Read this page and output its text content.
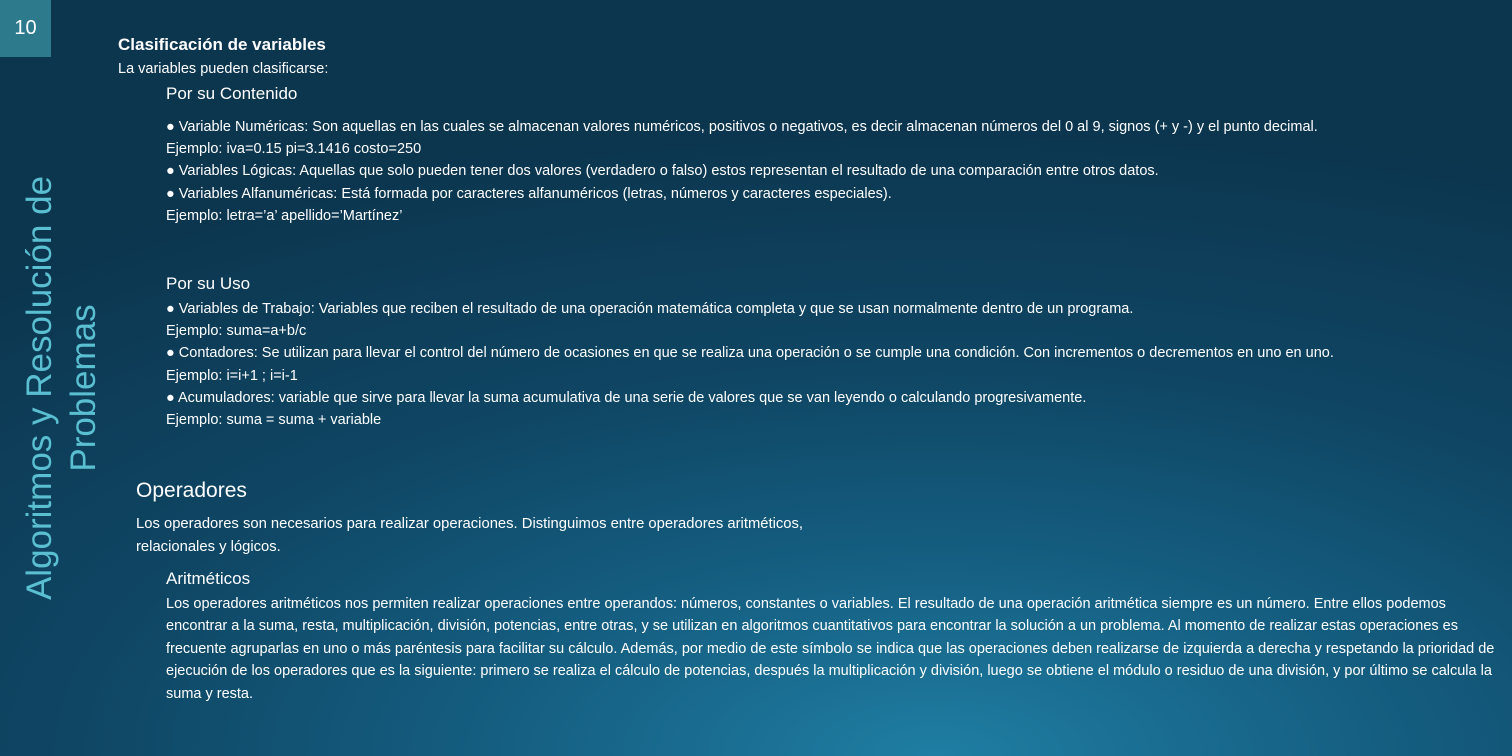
10
Algoritmos y Resolución de Problemas
Clasificación de variables
La variables pueden clasificarse:
Por su Contenido

● Variable Numéricas: Son aquellas en las cuales se almacenan valores numéricos, positivos o negativos, es decir almacenan números del 0 al 9, signos (+ y -) y el punto decimal.

Ejemplo: iva=0.15 pi=3.1416 costo=250

● Variables Lógicas: Aquellas que solo pueden tener dos valores (verdadero o falso) estos representan el resultado de una comparación entre otros datos.

● Variables Alfanuméricas: Está formada por caracteres alfanuméricos (letras, números y caracteres especiales).

Ejemplo: letra=’a’ apellido=’Martínez’

Por su Uso

● Variables de Trabajo: Variables que reciben el resultado de una operación matemática completa y que se usan normalmente dentro de un programa.

Ejemplo: suma=a+b/c

● Contadores: Se utilizan para llevar el control del número de ocasiones en que se realiza una operación o se cumple una condición. Con incrementos o decrementos en uno en uno.

Ejemplo: i=i+1 ; i=i-1

● Acumuladores: variable que sirve para llevar la suma acumulativa de una serie de valores que se van leyendo o calculando progresivamente.

Ejemplo: suma = suma + variable

Operadores
Los operadores son necesarios para realizar operaciones. Distinguimos entre operadores aritméticos, relacionales y lógicos.
Aritméticos
Los operadores aritméticos nos permiten realizar operaciones entre operandos: números, constantes o variables. El resultado de una operación aritmética siempre es un número. Entre ellos podemos encontrar a la suma, resta, multiplicación, división, potencias, entre otras, y se utilizan en algoritmos cuantitativos para encontrar la solución a un problema. Al momento de realizar estas operaciones es frecuente agruparlas en uno o más paréntesis para facilitar su cálculo. Además, por medio de este símbolo se indica que las operaciones deben realizarse de izquierda a derecha y respetando la prioridad de ejecución de los operadores que es la siguiente: primero se realiza el cálculo de potencias, después la multiplicación y división, luego se obtiene el módulo o residuo de una división, y por último se calcula la suma y resta.
